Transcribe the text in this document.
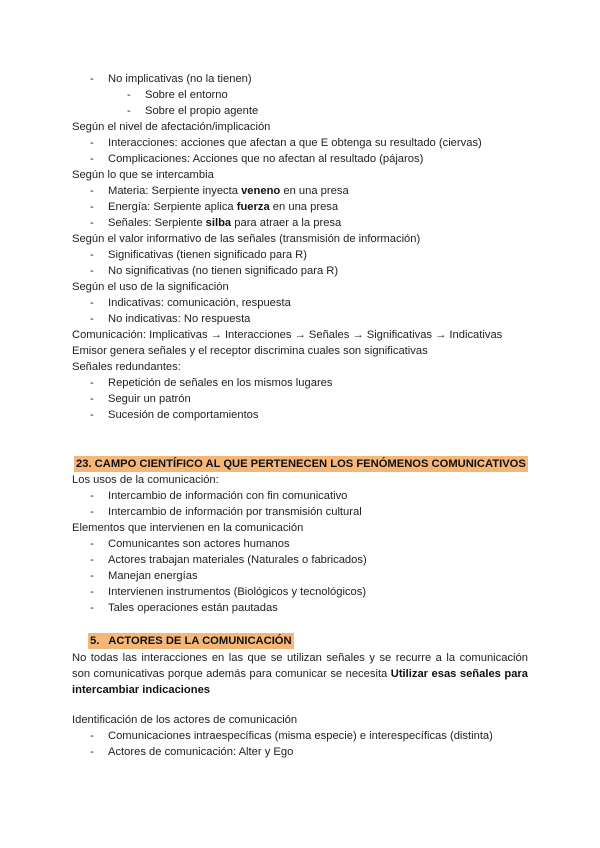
- No implicativas (no la tienen)
- Sobre el entorno
- Sobre el propio agente
Según el nivel de afectación/implicación
- Interacciones: acciones que afectan a que E obtenga su resultado (ciervas)
- Complicaciones: Acciones que no afectan al resultado (pájaros)
Según lo que se intercambia
- Materia: Serpiente inyecta veneno en una presa
- Energía: Serpiente aplica fuerza en una presa
- Señales: Serpiente silba para atraer a la presa
Según el valor informativo de las señales (transmisión de información)
- Significativas (tienen significado para R)
- No significativas (no tienen significado para R)
Según el uso de la significación
- Indicativas: comunicación, respuesta
- No indicativas: No respuesta
Comunicación: Implicativas → Interacciones → Señales → Significativas → Indicativas
Emisor genera señales y el receptor discrimina cuales son significativas
Señales redundantes:
- Repetición de señales en los mismos lugares
- Seguir un patrón
- Sucesión de comportamientos
23. CAMPO CIENTÍFICO AL QUE PERTENECEN LOS FENÓMENOS COMUNICATIVOS
Los usos de la comunicación:
- Intercambio de información con fin comunicativo
- Intercambio de información por transmisión cultural
Elementos que intervienen en la comunicación
- Comunicantes son actores humanos
- Actores trabajan materiales (Naturales o fabricados)
- Manejan energías
- Intervienen instrumentos (Biológicos y tecnológicos)
- Tales operaciones están pautadas
5.   ACTORES DE LA COMUNICACIÓN
No todas las interacciones en las que se utilizan señales y se recurre a la comunicación son comunicativas porque además para comunicar se necesita Utilizar esas señales para intercambiar indicaciones
Identificación de los actores de comunicación
- Comunicaciones intraespecíficas (misma especie) e interespecíficas (distinta)
- Actores de comunicación: Alter y Ego
